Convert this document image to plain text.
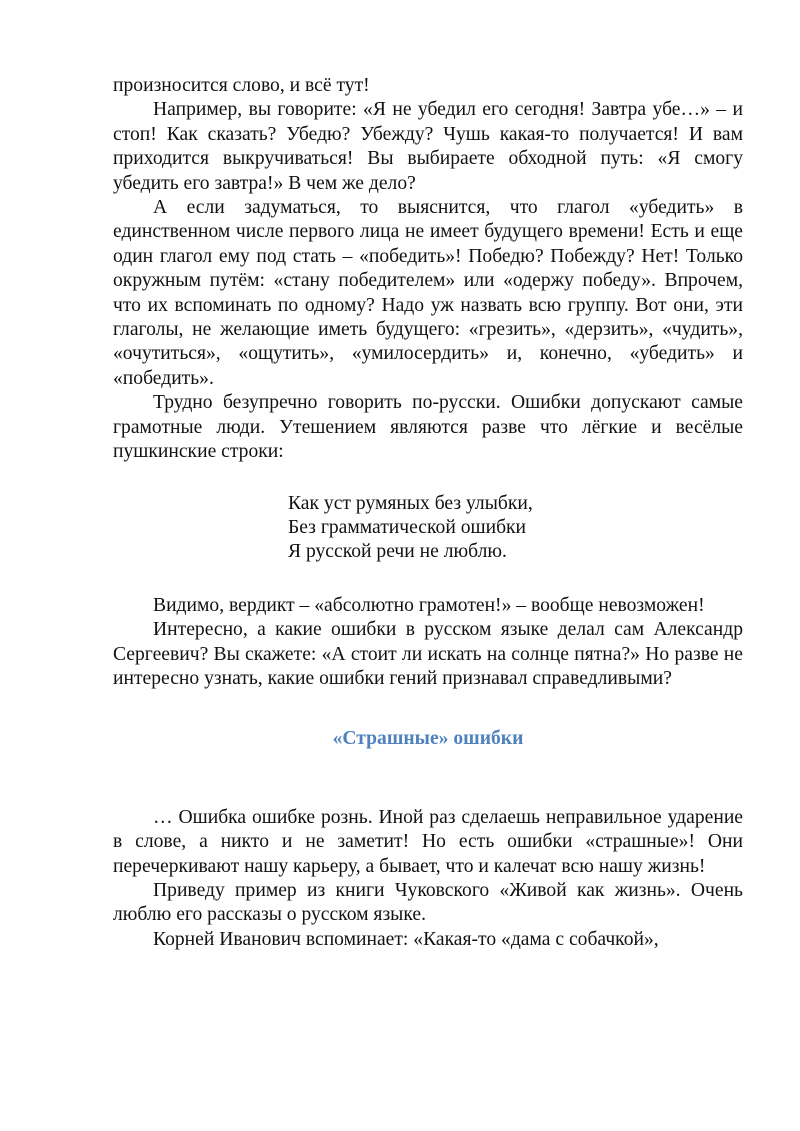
произносится слово, и всё тут!

Например, вы говорите: «Я не убедил его сегодня! Завтра убе…» – и стоп! Как сказать? Убедю? Убежду? Чушь какая-то получается! И вам приходится выкручиваться! Вы выбираете обходной путь: «Я смогу убедить его завтра!» В чем же дело?

А если задуматься, то выяснится, что глагол «убедить» в единственном числе первого лица не имеет будущего времени! Есть и еще один глагол ему под стать – «победить»! Победю? Побежду? Нет! Только окружным путём: «стану победителем» или «одержу победу». Впрочем, что их вспоминать по одному? Надо уж назвать всю группу. Вот они, эти глаголы, не желающие иметь будущего: «грезить», «дерзить», «чудить», «очутиться», «ощутить», «умилосердить» и, конечно, «убедить» и «победить».

Трудно безупречно говорить по-русски. Ошибки допускают самые грамотные люди. Утешением являются разве что лёгкие и весёлые пушкинские строки:

Как уст румяных без улыбки,
Без грамматической ошибки
Я русской речи не люблю.

Видимо, вердикт – «абсолютно грамотен!» – вообще невозможен!

Интересно, а какие ошибки в русском языке делал сам Александр Сергеевич? Вы скажете: «А стоит ли искать на солнце пятна?» Но разве не интересно узнать, какие ошибки гений признавал справедливыми?

«Страшные» ошибки

… Ошибка ошибке рознь. Иной раз сделаешь неправильное ударение в слове, а никто и не заметит! Но есть ошибки «страшные»! Они перечеркивают нашу карьеру, а бывает, что и калечат всю нашу жизнь!

Приведу пример из книги Чуковского «Живой как жизнь». Очень люблю его рассказы о русском языке.

Корней Иванович вспоминает: «Какая-то «дама с собачкой»,
